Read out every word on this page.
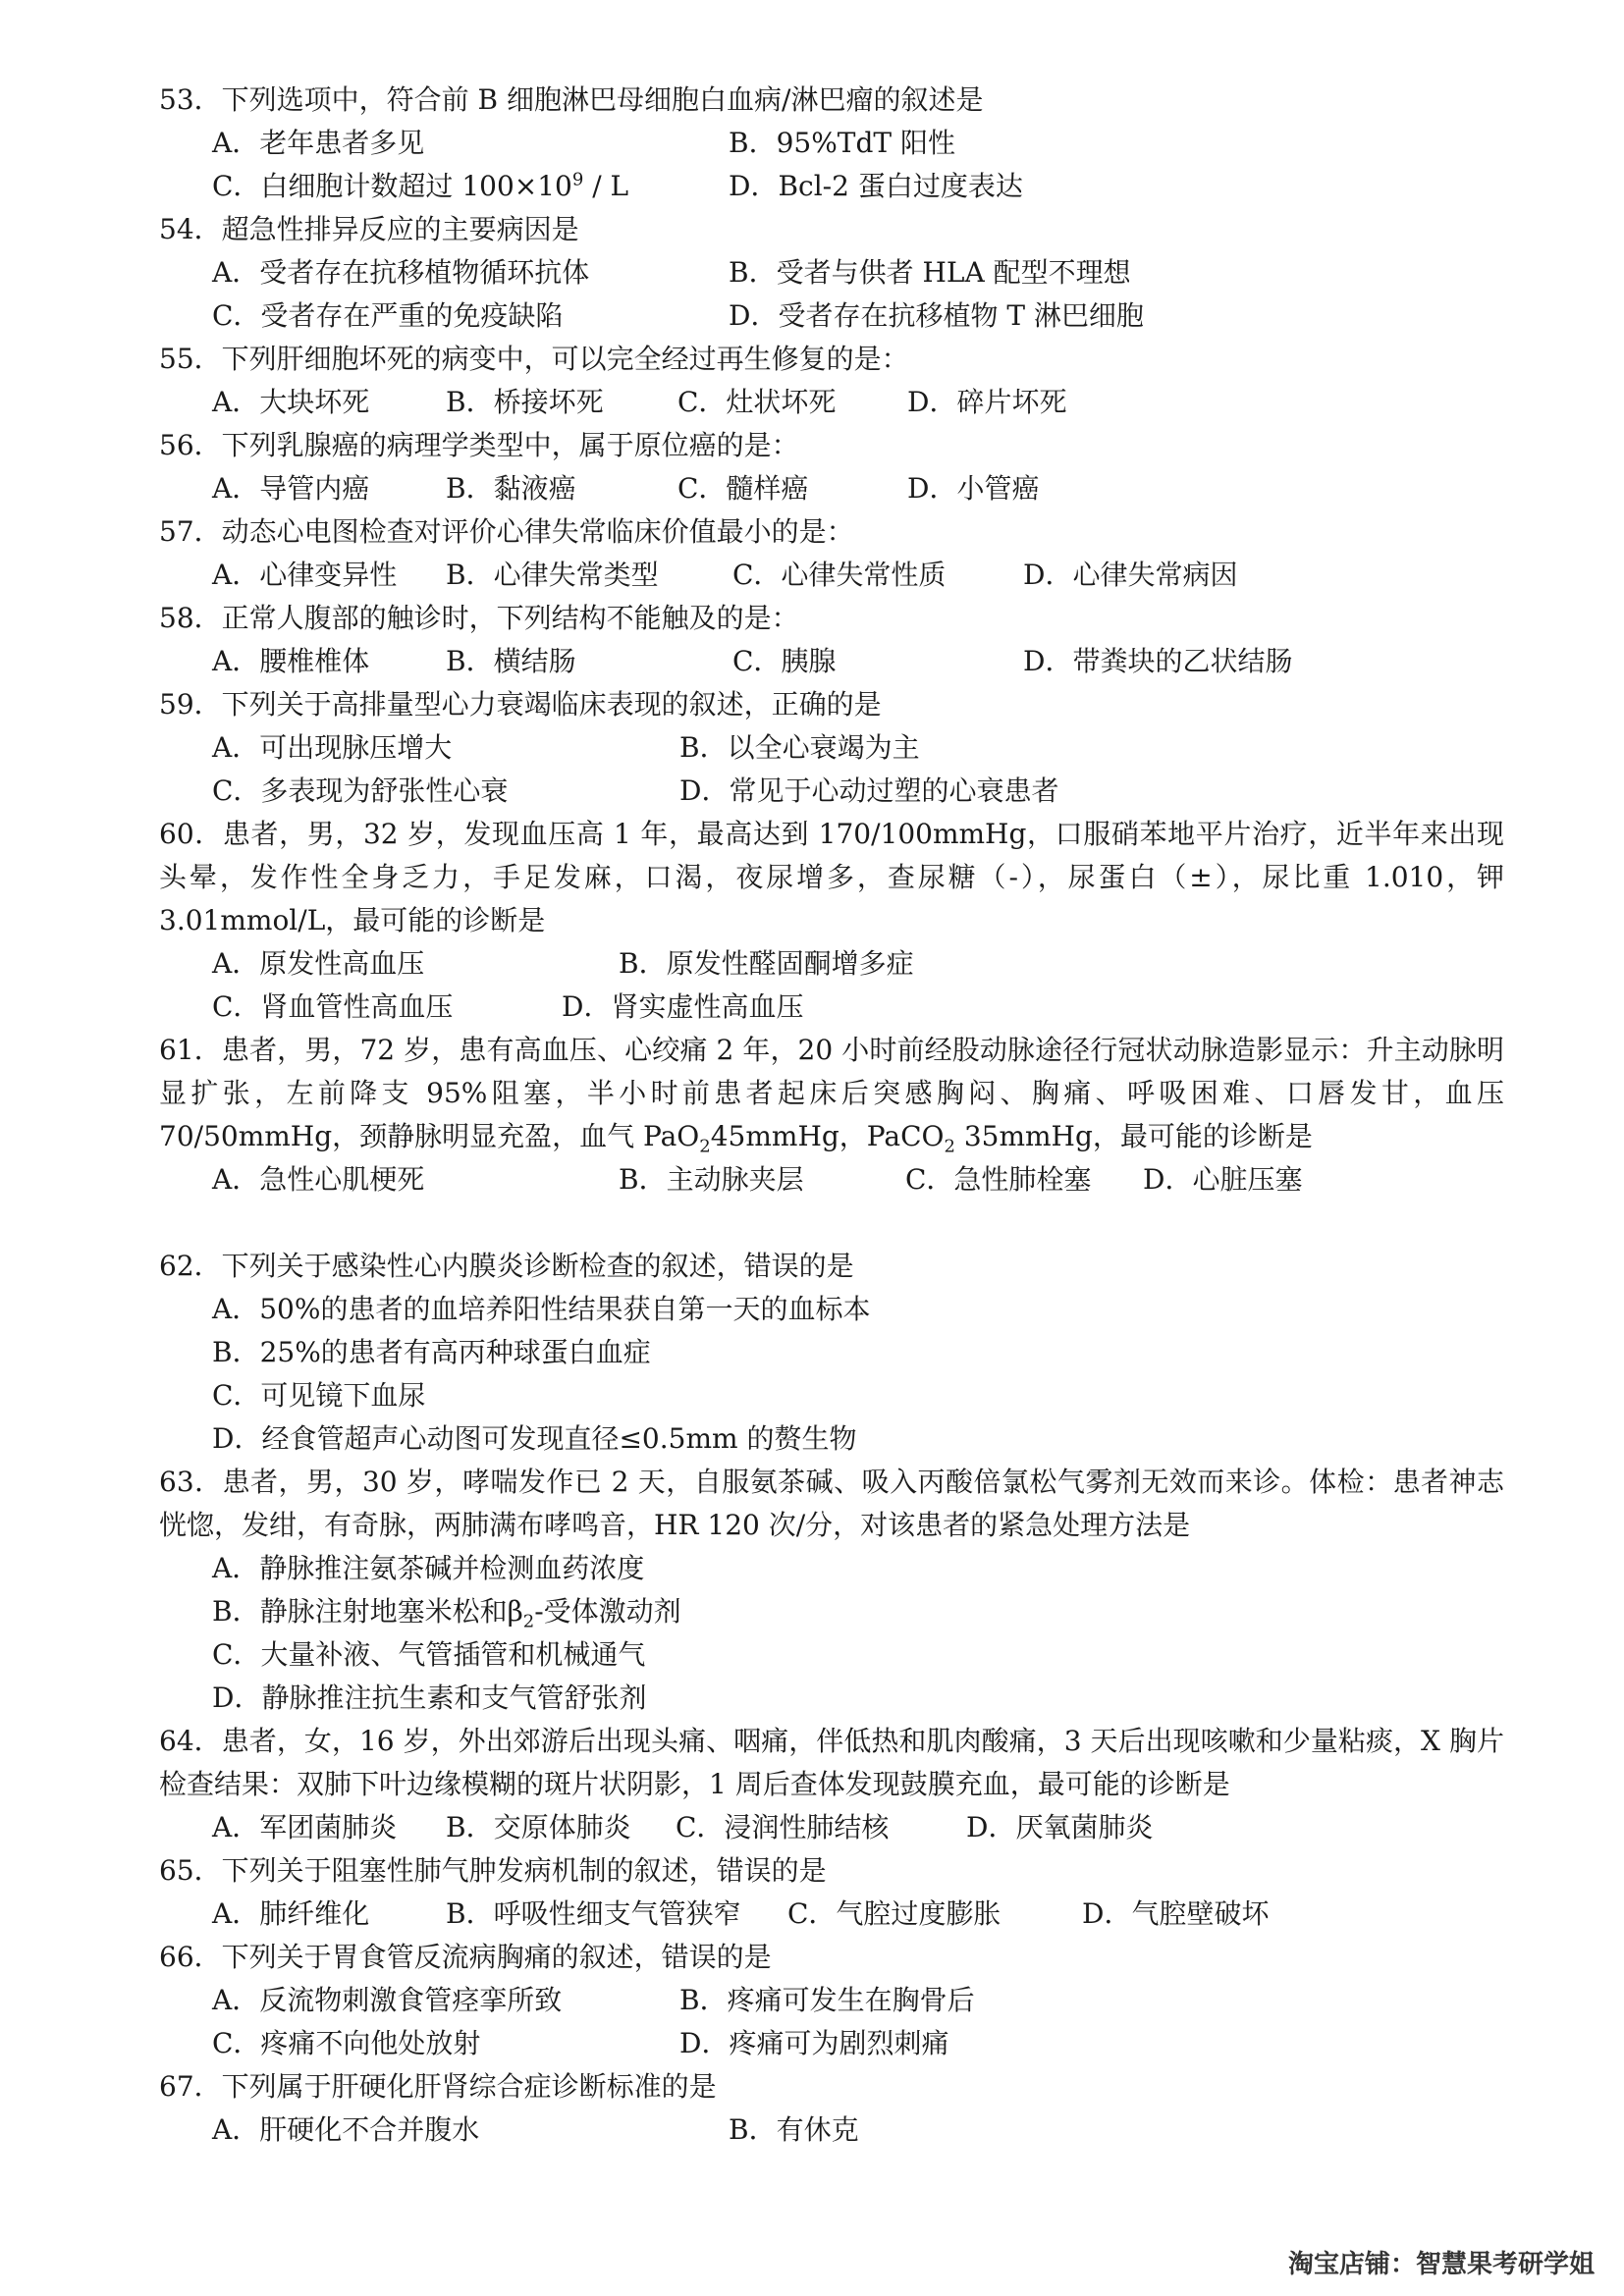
53．下列选项中，符合前 B 细胞淋巴母细胞白血病/淋巴瘤的叙述是
A．老年患者多见	B．95%TdT 阳性
C．白细胞计数超过 $100\times 10^9 / L$	D．Bcl-2 蛋白过度表达
54．超急性排异反应的主要病因是
A．受者存在抗移植物循环抗体	B．受者与供者 HLA 配型不理想
C．受者存在严重的免疫缺陷	D．受者存在抗移植物 T 淋巴细胞
55．下列肝细胞坏死的病变中，可以完全经过再生修复的是：
A．大块坏死	B．桥接坏死	C．灶状坏死	D．碎片坏死
56．下列乳腺癌的病理学类型中，属于原位癌的是：
A．导管内癌	B．黏液癌	C．髓样癌	D．小管癌
57．动态心电图检查对评价心律失常临床价值最小的是：
A．心律变异性 B．心律失常类型	C．心律失常性质	D．心律失常病因
58．正常人腹部的触诊时，下列结构不能触及的是：
A．腰椎椎体	B．横结肠	C．胰腺	D．带粪块的乙状结肠
59．下列关于高排量型心力衰竭临床表现的叙述，正确的是
A．可出现脉压增大	B．以全心衰竭为主
C．多表现为舒张性心衰	D．常见于心动过塑的心衰患者
60．患者，男，32 岁，发现血压高 1 年，最高达到 170/100mmHg，口服硝苯地平片治疗，近半年来出现头晕，发作性全身乏力，手足发麻，口渴，夜尿增多，查尿糖（-），尿蛋白（±），尿比重 1.010，钾 3.01mmol/L，最可能的诊断是
A．原发性高血压	B．原发性醛固酮增多症
C．肾血管性高血压	D．肾实虚性高血压
61．患者，男，72 岁，患有高血压、心绞痛 2 年，20 小时前经股动脉途径行冠状动脉造影显示：升主动脉明显扩张，左前降支 95%阻塞，半小时前患者起床后突感胸闷、胸痛、呼吸困难、口唇发甘，血压 70/50mmHg，颈静脉明显充盈，血气 PaO$_2$45mmHg，PaCO$_2$ 35mmHg，最可能的诊断是
A．急性心肌梗死	B．主动脉夹层	C．急性肺栓塞 D．心脏压塞
62．下列关于感染性心内膜炎诊断检查的叙述，错误的是
A．50%的患者的血培养阳性结果获自第一天的血标本
B．25%的患者有高丙种球蛋白血症
C．可见镜下血尿
D．经食管超声心动图可发现直径≤0.5mm 的赘生物
63．患者，男，30 岁，哮喘发作已 2 天，自服氨茶碱、吸入丙酸倍氯松气雾剂无效而来诊。体检：患者神志恍惚，发绀，有奇脉，两肺满布哮鸣音，HR 120 次/分，对该患者的紧急处理方法是
A．静脉推注氨茶碱并检测血药浓度
B．静脉注射地塞米松和$\beta_2-$受体激动剂
C．大量补液、气管插管和机械通气
D．静脉推注抗生素和支气管舒张剂
64．患者，女，16 岁，外出郊游后出现头痛、咽痛，伴低热和肌肉酸痛，3 天后出现咳嗽和少量粘痰，X 胸片检查结果：双肺下叶边缘模糊的斑片状阴影，1 周后查体发现鼓膜充血，最可能的诊断是
A．军团菌肺炎 B．交原体肺炎 C．浸润性肺结核	D．厌氧菌肺炎
65．下列关于阻塞性肺气肿发病机制的叙述，错误的是
A．肺纤维化	B．呼吸性细支气管狭窄 C．气腔过度膨胀	D．气腔壁破坏
66．下列关于胃食管反流病胸痛的叙述，错误的是
A．反流物刺激食管痉挛所致	B．疼痛可发生在胸骨后
C．疼痛不向他处放射	D．疼痛可为剧烈刺痛
67．下列属于肝硬化肝肾综合症诊断标准的是
A．肝硬化不合并腹水	B．有休克
淘宝店铺：智慧果考研学姐
